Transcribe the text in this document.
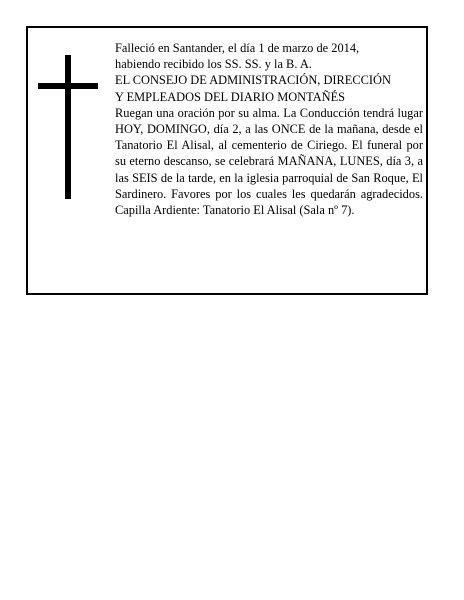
Falleció en Santander, el día 1 de marzo de 2014,

habiendo recibido los SS. SS. y la B. A.

EL CONSEJO DE ADMINISTRACIÓN, DIRECCIÓN

Y EMPLEADOS DEL DIARIO MONTAÑÉS

Ruegan una oración por su alma. La Conducción tendrá lugar HOY, DOMINGO, día 2, a las ONCE de la mañana, desde el Tanatorio El Alisal, al cementerio de Ciriego. El funeral por su eterno descanso, se celebrará MAÑANA, LUNES, día 3, a las SEIS de la tarde, en la iglesia parroquial de San Roque, El Sardinero. Favores por los cuales les quedarán agradecidos. Capilla Ardiente: Tanatorio El Alisal (Sala nº 7).
